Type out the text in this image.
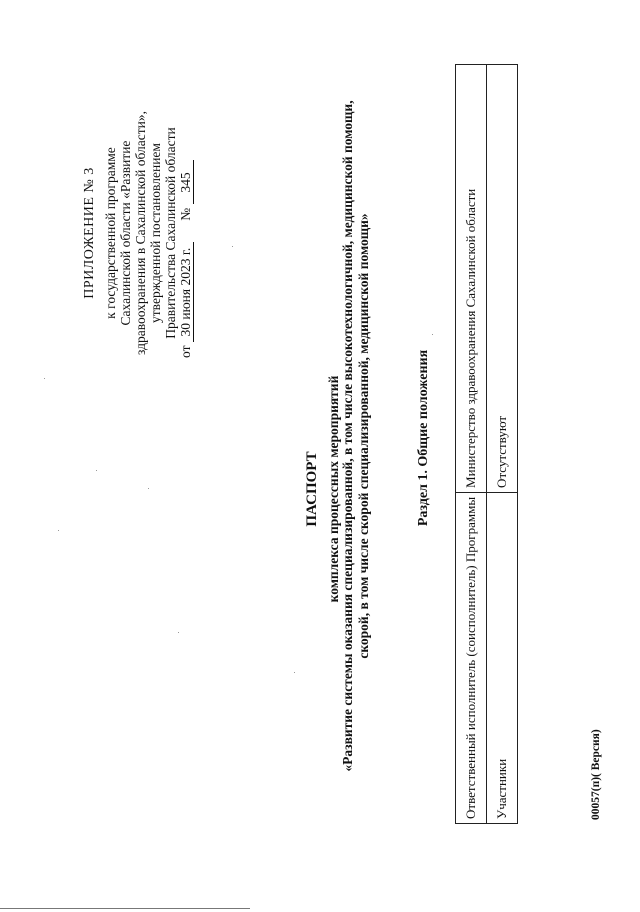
ПРИЛОЖЕНИЕ № 3 к государственной программе Сахалинской области «Развитие здравоохранения в Сахалинской области», утвержденной постановлением Правительства Сахалинской области
от 30 июня 2023 г. № 345
ПАСПОРТ комплекса процессных мероприятий «Развитие системы оказания специализированной, в том числе высокотехнологичной, медицинской помощи, скорой, в том числе скорой специализированной, медицинской помощи»	Раздел 1. Общие положения
Ответственный исполнитель (соисполнитель) Программы	Министерство здравоохранения Сахалинской области
Участники	Отсутствуют
00057(п)( Версия)
